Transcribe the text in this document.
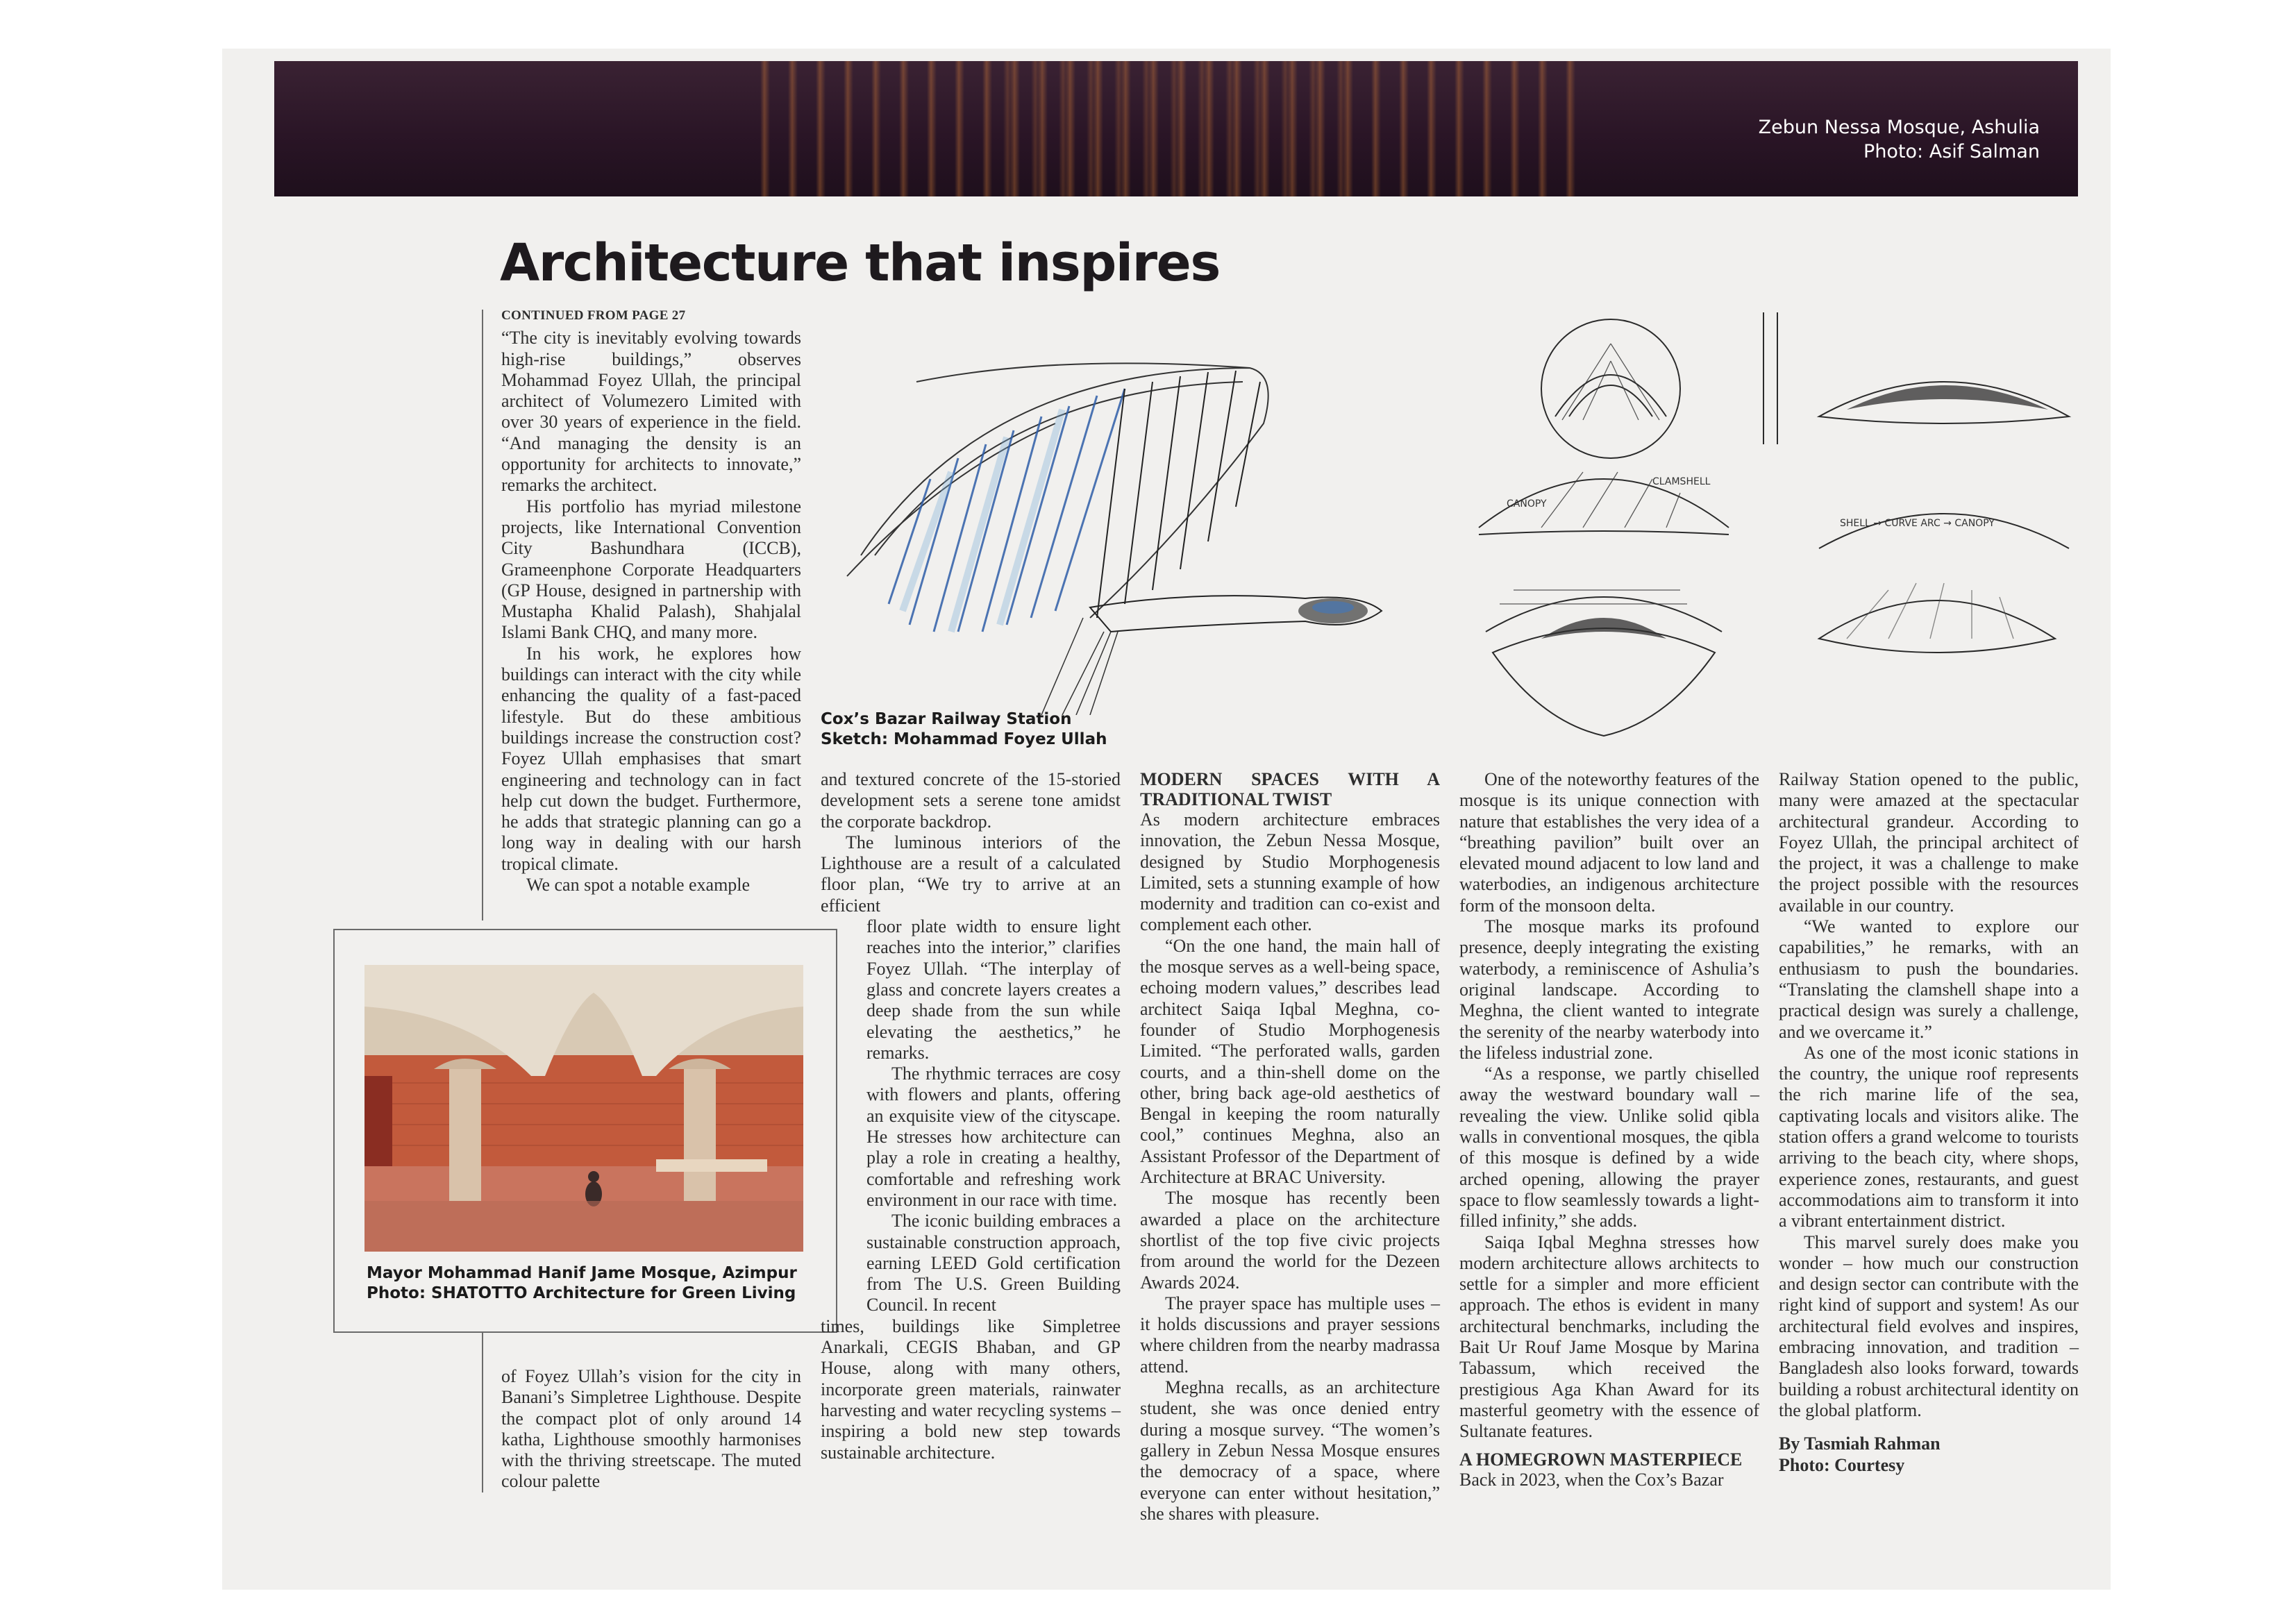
Zebun Nessa Mosque, Ashulia
Photo: Asif Salman
Architecture that inspires

CONTINUED FROM PAGE 27

“The city is inevitably evolving towards high-rise buildings,” observes Mohammad Foyez Ullah, the principal architect of Volumezero Limited with over 30 years of experience in the field. “And managing the density is an opportunity for architects to innovate,” remarks the architect.

His portfolio has myriad milestone projects, like International Convention City Bashundhara (ICCB), Grameenphone Corporate Headquarters (GP House, designed in partnership with Mustapha Khalid Palash), Shahjalal Islami Bank CHQ, and many more.

In his work, he explores how buildings can interact with the city while enhancing the quality of a fast-paced lifestyle. But do these ambitious buildings increase the construction cost? Foyez Ullah emphasises that smart engineering and technology can in fact help cut down the budget. Furthermore, he adds that strategic planning can go a long way in dealing with our harsh tropical climate.

We can spot a notable example

Mayor Mohammad Hanif Jame Mosque, Azimpur
Photo: SHATOTTO Architecture for Green Living

of Foyez Ullah’s vision for the city in Banani’s Simpletree Lighthouse. Despite the compact plot of only around 14 katha, Lighthouse smoothly harmonises with the thriving streetscape. The muted colour palette

Cox’s Bazar Railway Station
Sketch: Mohammad Foyez Ullah
CLAMSHELL
CANOPY
SHELL → CURVE ARC → CANOPY

and textured concrete of the 15-storied development sets a serene tone amidst the corporate backdrop.

The luminous interiors of the Lighthouse are a result of a calculated floor plan, “We try to arrive at an efficient

floor plate width to ensure light reaches into the interior,” clarifies Foyez Ullah. “The interplay of glass and concrete layers creates a deep shade from the sun while elevating the aesthetics,” he remarks.

The rhythmic terraces are cosy with flowers and plants, offering an exquisite view of the cityscape. He stresses how architecture can play a role in creating a healthy, comfortable and refreshing work environment in our race with time.

The iconic building embraces a sustainable construction approach, earning LEED Gold certification from The U.S. Green Building Council. In recent

times, buildings like Simpletree Anarkali, CEGIS Bhaban, and GP House, along with many others, incorporate green materials, rainwater harvesting and water recycling systems – inspiring a bold new step towards sustainable architecture.

MODERN SPACES WITH A TRADITIONAL TWIST

As modern architecture embraces innovation, the Zebun Nessa Mosque, designed by Studio Morphogenesis Limited, sets a stunning example of how modernity and tradition can co-exist and complement each other.

“On the one hand, the main hall of the mosque serves as a well-being space, echoing modern values,” describes lead architect Saiqa Iqbal Meghna, co-founder of Studio Morphogenesis Limited. “The perforated walls, garden courts, and a thin-shell dome on the other, bring back age-old aesthetics of Bengal in keeping the room naturally cool,” continues Meghna, also an Assistant Professor of the Department of Architecture at BRAC University.

The mosque has recently been awarded a place on the architecture shortlist of the top five civic projects from around the world for the Dezeen Awards 2024.

The prayer space has multiple uses – it holds discussions and prayer sessions where children from the nearby madrassa attend.

Meghna recalls, as an architecture student, she was once denied entry during a mosque survey. “The women’s gallery in Zebun Nessa Mosque ensures the democracy of a space, where everyone can enter without hesitation,” she shares with pleasure.

One of the noteworthy features of the mosque is its unique connection with nature that establishes the very idea of a “breathing pavilion” built over an elevated mound adjacent to low land and waterbodies, an indigenous architecture form of the monsoon delta.

The mosque marks its profound presence, deeply integrating the existing waterbody, a reminiscence of Ashulia’s original landscape. According to Meghna, the client wanted to integrate the serenity of the nearby waterbody into the lifeless industrial zone.

“As a response, we partly chiselled away the westward boundary wall – revealing the view. Unlike solid qibla walls in conventional mosques, the qibla of this mosque is defined by a wide arched opening, allowing the prayer space to flow seamlessly towards a light-filled infinity,” she adds.

Saiqa Iqbal Meghna stresses how modern architecture allows architects to settle for a simpler and more efficient approach. The ethos is evident in many architectural benchmarks, including the Bait Ur Rouf Jame Mosque by Marina Tabassum, which received the prestigious Aga Khan Award for its masterful geometry with the essence of Sultanate features.

A HOMEGROWN MASTERPIECE

Back in 2023, when the Cox’s Bazar

Railway Station opened to the public, many were amazed at the spectacular architectural grandeur. According to Foyez Ullah, the principal architect of the project, it was a challenge to make the project possible with the resources available in our country.

“We wanted to explore our capabilities,” he remarks, with an enthusiasm to push the boundaries. “Translating the clamshell shape into a practical design was surely a challenge, and we overcame it.”

As one of the most iconic stations in the country, the unique roof represents the rich marine life of the sea, captivating locals and visitors alike. The station offers a grand welcome to tourists arriving to the beach city, where shops, experience zones, restaurants, and guest accommodations aim to transform it into a vibrant entertainment district.

This marvel surely does make you wonder – how much our construction and design sector can contribute with the right kind of support and system! As our architectural field evolves and inspires, embracing innovation, and tradition – Bangladesh also looks forward, towards building a robust architectural identity on the global platform.

By Tasmiah Rahman

Photo: Courtesy
